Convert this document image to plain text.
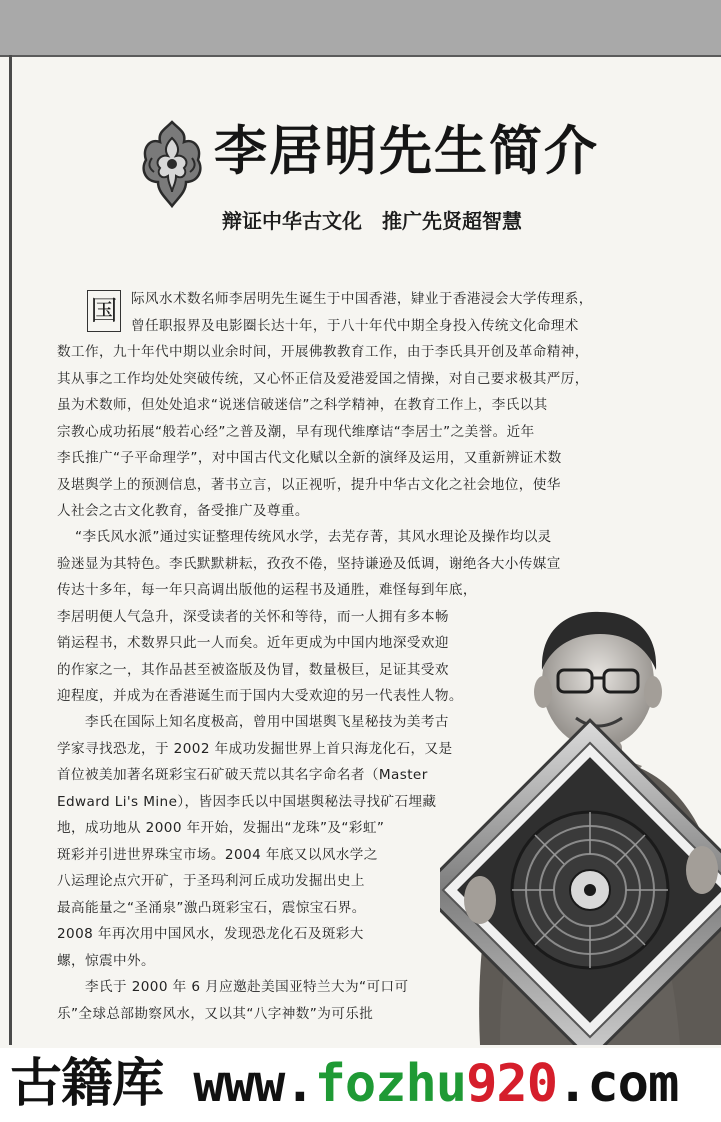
李居明先生简介
辩证中华古文化　推广先贤超智慧
国 际风水术数名师李居明先生诞生于中国香港，肄业于香港浸会大学传理系，
曾任职报界及电影圈长达十年，于八十年代中期全身投入传统文化命理术
数工作，九十年代中期以业余时间，开展佛教教育工作，由于李氏具开创及革命精神，
其从事之工作均处处突破传统，又心怀正信及爱港爱国之情操，对自己要求极其严厉，
虽为术数师，但处处追求“说迷信破迷信”之科学精神，在教育工作上，李氏以其
宗教心成功拓展“般若心经”之普及潮，早有现代维摩诘“李居士”之美誉。近年
李氏推广“子平命理学”，对中国古代文化赋以全新的演绎及运用，又重新辨证术数
及堪舆学上的预测信息，著书立言，以正视听，提升中华古文化之社会地位，使华
人社会之古文化教育，备受推广及尊重。
“李氏风水派”通过实证整理传统风水学，去芜存菁，其风水理论及操作均以灵
验迷显为其特色。李氏默默耕耘，孜孜不倦，坚持谦逊及低调，谢绝各大小传媒宣
传达十多年，每一年只高调出版他的运程书及通胜，难怪每到年底，
李居明便人气急升，深受读者的关怀和等待，而一人拥有多本畅
销运程书，术数界只此一人而矣。近年更成为中国内地深受欢迎
的作家之一，其作品甚至被盗版及伪冒，数量极巨，足证其受欢
迎程度，并成为在香港诞生而于国内大受欢迎的另一代表性人物。
李氏在国际上知名度极高，曾用中国堪舆飞星秘技为美考古
学家寻找恐龙，于 2002 年成功发掘世界上首只海龙化石，又是
首位被美加著名斑彩宝石矿破天荒以其名字命名者（Master
Edward Li's Mine），皆因李氏以中国堪舆秘法寻找矿石埋藏
地，成功地从 2000 年开始，发掘出“龙珠”及“彩虹”
斑彩并引进世界珠宝市场。2004 年底又以风水学之
八运理论点穴开矿，于圣玛利河丘成功发掘出史上
最高能量之“圣涌泉”激凸斑彩宝石，震惊宝石界。
2008 年再次用中国风水，发现恐龙化石及斑彩大
螺，惊震中外。
李氏于 2000 年 6 月应邀赴美国亚特兰大为“可口可
乐”全球总部勘察风水，又以其“八字神数”为可乐批

古籍库 www.fozhu920.com
